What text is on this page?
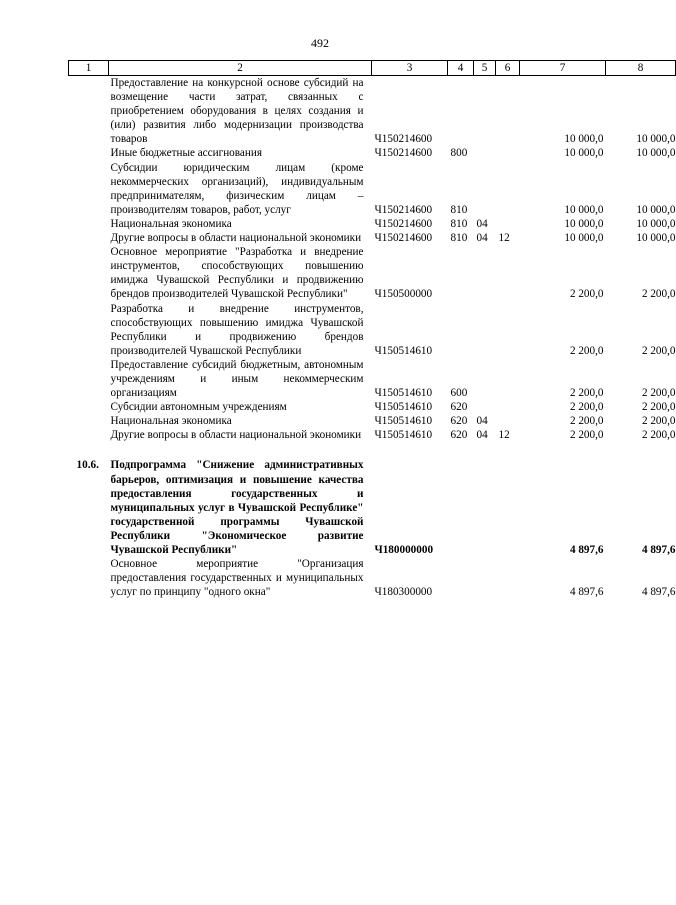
492
1	2	3	4	5	6	7	8
	Предоставление на конкурсной основе субсидий на возмещение части затрат, связанных с приобретением оборудования в целях создания и (или) развития либо модернизации производства товаров	Ч150214600				10 000,0	10 000,0
	Иные бюджетные ассигнования	Ч150214600	800			10 000,0	10 000,0
	Субсидии юридическим лицам (кроме некоммерческих организаций), индивидуальным предпринимателям, физическим лицам – производителям товаров, работ, услуг	Ч150214600	810			10 000,0	10 000,0
	Национальная экономика	Ч150214600	810	04		10 000,0	10 000,0
	Другие вопросы в области национальной экономики	Ч150214600	810	04	12	10 000,0	10 000,0
	Основное мероприятие "Разработка и внедрение инструментов, способствующих повышению имиджа Чувашской Республики и продвижению брендов производителей Чувашской Республики"	Ч150500000				2 200,0	2 200,0
	Разработка и внедрение инструментов, способствующих повышению имиджа Чувашской Республики и продвижению брендов производителей Чувашской Республики	Ч150514610				2 200,0	2 200,0
	Предоставление субсидий бюджетным, автономным учреждениям и иным некоммерческим организациям	Ч150514610	600			2 200,0	2 200,0
	Субсидии автономным учреждениям	Ч150514610	620			2 200,0	2 200,0
	Национальная экономика	Ч150514610	620	04		2 200,0	2 200,0
	Другие вопросы в области национальной экономики	Ч150514610	620	04	12	2 200,0	2 200,0
10.6.	Подпрограмма "Снижение административных барьеров, оптимизация и повышение качества предоставления государственных и муниципальных услуг в Чувашской Республике" государственной программы Чувашской Республики "Экономическое развитие Чувашской Республики"	Ч180000000				4 897,6	4 897,6
	Основное мероприятие "Организация предоставления государственных и муниципальных услуг по принципу "одного окна"	Ч180300000				4 897,6	4 897,6
